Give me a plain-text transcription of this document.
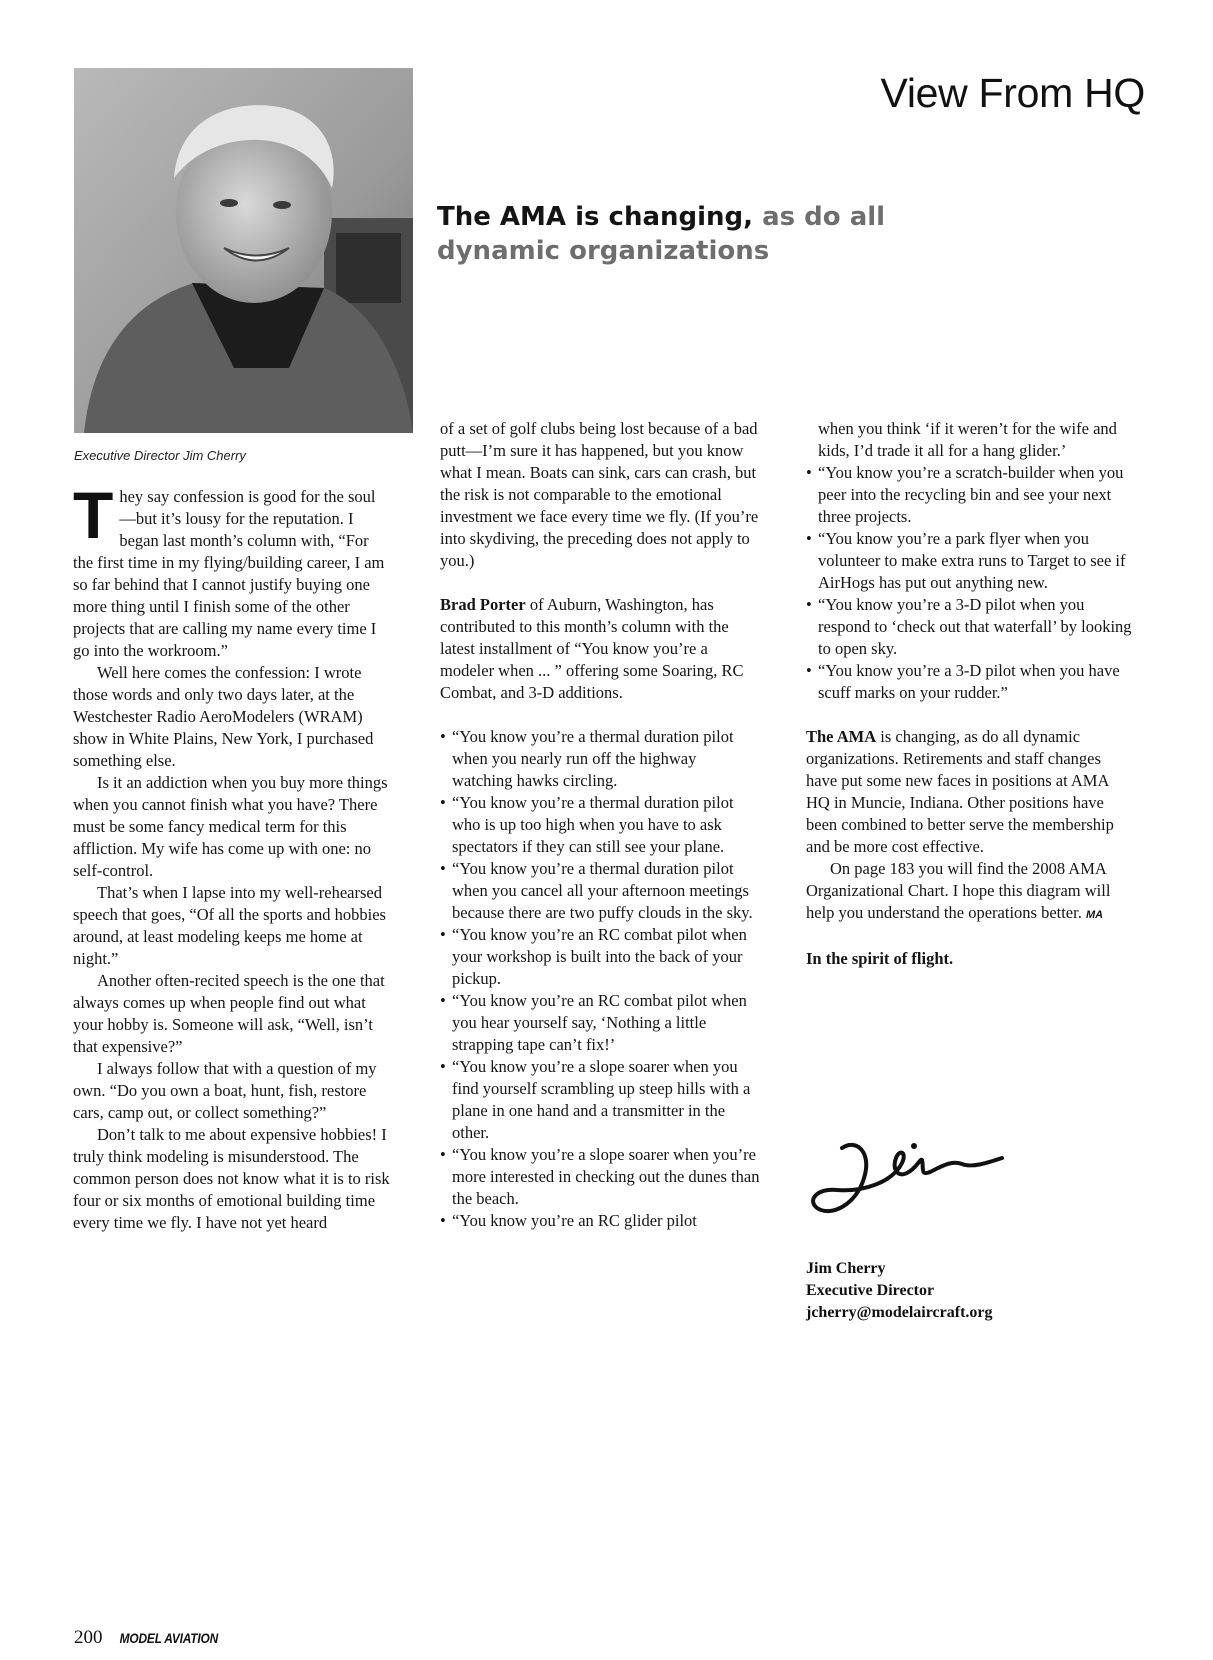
View From HQ
Executive Director Jim Cherry
The AMA is changing, as do all dynamic organizations

They say confession is good for the soul—but it’s lousy for the reputation. I began last month’s column with, “For the first time in my flying/building career, I am so far behind that I cannot justify buying one more thing until I finish some of the other projects that are calling my name every time I go into the workroom.”

Well here comes the confession: I wrote those words and only two days later, at the Westchester Radio AeroModelers (WRAM) show in White Plains, New York, I purchased something else.

Is it an addiction when you buy more things when you cannot finish what you have? There must be some fancy medical term for this affliction. My wife has come up with one: no self-control.

That’s when I lapse into my well-rehearsed speech that goes, “Of all the sports and hobbies around, at least modeling keeps me home at night.”

Another often-recited speech is the one that always comes up when people find out what your hobby is. Someone will ask, “Well, isn’t that expensive?”

I always follow that with a question of my own. “Do you own a boat, hunt, fish, restore cars, camp out, or collect something?”

Don’t talk to me about expensive hobbies! I truly think modeling is misunderstood. The common person does not know what it is to risk four or six months of emotional building time every time we fly. I have not yet heard

of a set of golf clubs being lost because of a bad putt—I’m sure it has happened, but you know what I mean. Boats can sink, cars can crash, but the risk is not comparable to the emotional investment we face every time we fly. (If you’re into skydiving, the preceding does not apply to you.)

Brad Porter of Auburn, Washington, has contributed to this month’s column with the latest installment of “You know you’re a modeler when ... ” offering some Soaring, RC Combat, and 3-D additions.

• “You know you’re a thermal duration pilot when you nearly run off the highway watching hawks circling.
• “You know you’re a thermal duration pilot who is up too high when you have to ask spectators if they can still see your plane.
• “You know you’re a thermal duration pilot when you cancel all your afternoon meetings because there are two puffy clouds in the sky.
• “You know you’re an RC combat pilot when your workshop is built into the back of your pickup.
• “You know you’re an RC combat pilot when you hear yourself say, ‘Nothing a little strapping tape can’t fix!’
• “You know you’re a slope soarer when you find yourself scrambling up steep hills with a plane in one hand and a transmitter in the other.
• “You know you’re a slope soarer when you’re more interested in checking out the dunes than the beach.
• “You know you’re an RC glider pilot

when you think ‘if it weren’t for the wife and kids, I’d trade it all for a hang glider.’

• “You know you’re a scratch-builder when you peer into the recycling bin and see your next three projects.
• “You know you’re a park flyer when you volunteer to make extra runs to Target to see if AirHogs has put out anything new.
• “You know you’re a 3-D pilot when you respond to ‘check out that waterfall’ by looking to open sky.
• “You know you’re a 3-D pilot when you have scuff marks on your rudder.”

The AMA is changing, as do all dynamic organizations. Retirements and staff changes have put some new faces in positions at AMA HQ in Muncie, Indiana. Other positions have been combined to better serve the membership and be more cost effective.

On page 183 you will find the 2008 AMA Organizational Chart. I hope this diagram will help you understand the operations better. MA

In the spirit of flight.

Jim Cherry
Executive Director
jcherry@modelaircraft.org
200 MODEL AVIATION
